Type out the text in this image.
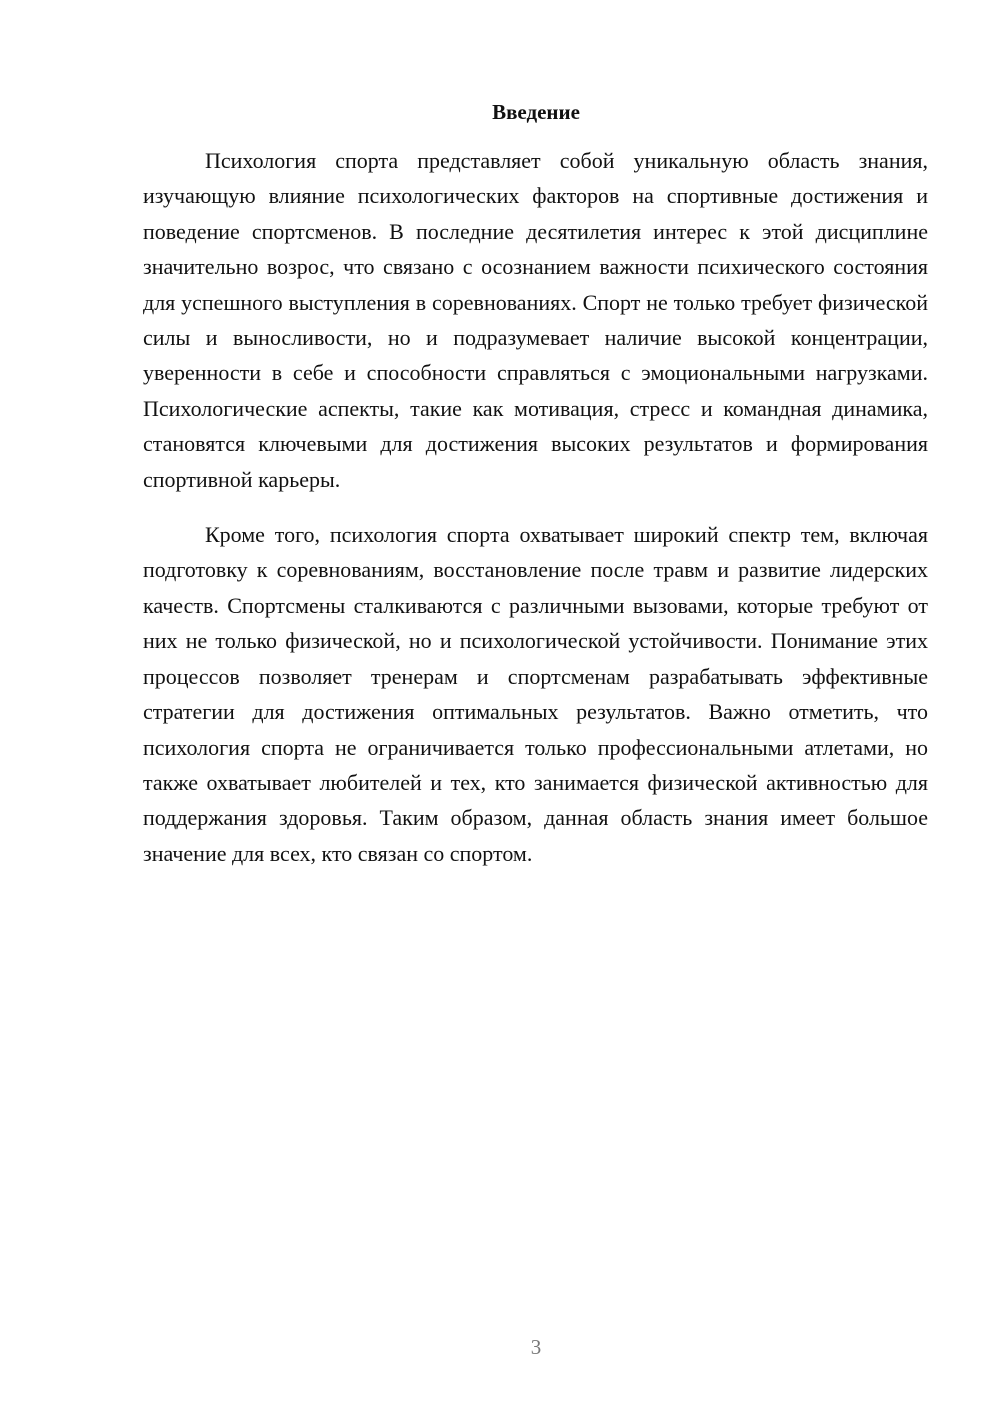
Введение

Психология спорта представляет собой уникальную область знания, изучающую влияние психологических факторов на спортивные достижения и поведение спортсменов. В последние десятилетия интерес к этой дисциплине значительно возрос, что связано с осознанием важности психического состояния для успешного выступления в соревнованиях. Спорт не только требует физической силы и выносливости, но и подразумевает наличие высокой концентрации, уверенности в себе и способности справляться с эмоциональными нагрузками. Психологические аспекты, такие как мотивация, стресс и командная динамика, становятся ключевыми для достижения высоких результатов и формирования спортивной карьеры.

Кроме того, психология спорта охватывает широкий спектр тем, включая подготовку к соревнованиям, восстановление после травм и развитие лидерских качеств. Спортсмены сталкиваются с различными вызовами, которые требуют от них не только физической, но и психологической устойчивости. Понимание этих процессов позволяет тренерам и спортсменам разрабатывать эффективные стратегии для достижения оптимальных результатов. Важно отметить, что психология спорта не ограничивается только профессиональными атлетами, но также охватывает любителей и тех, кто занимается физической активностью для поддержания здоровья. Таким образом, данная область знания имеет большое значение для всех, кто связан со спортом.

3
